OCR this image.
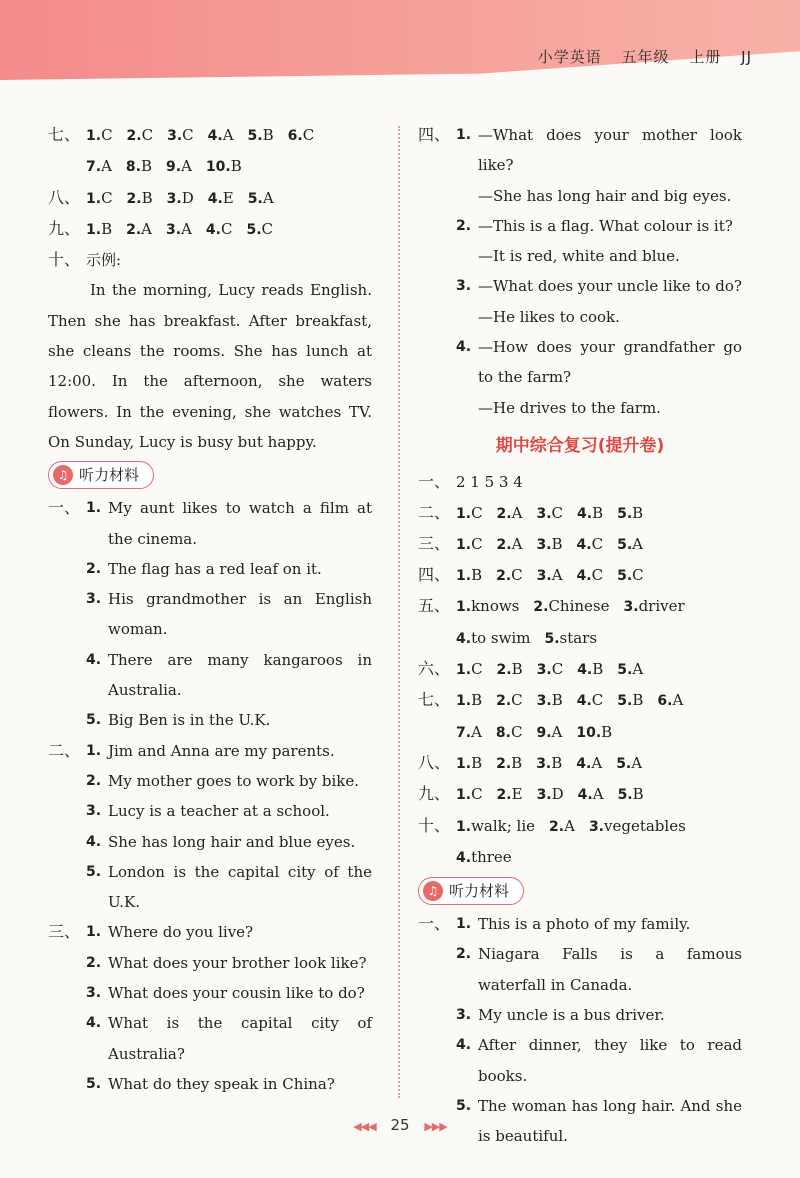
小学英语 五年级 上册 JJ
七、 1.C 2.C 3.C 4.A 5.B 6.C
7.A 8.B 9.A 10.B
八、 1.C 2.B 3.D 4.E 5.A
九、 1.B 2.A 3.A 4.C 5.C
十、 示例:
In the morning, Lucy reads English. Then she has breakfast. After breakfast, she cleans the rooms. She has lunch at 12:00. In the afternoon, she waters flowers. In the evening, she watches TV. On Sunday, Lucy is busy but happy.
♫ 听力材料
一、 1. My aunt likes to watch a film at the cinema.
2. The flag has a red leaf on it.
3. His grandmother is an English woman.
4. There are many kangaroos in Australia.
5. Big Ben is in the U.K.
二、 1. Jim and Anna are my parents.
2. My mother goes to work by bike.
3. Lucy is a teacher at a school.
4. She has long hair and blue eyes.
5. London is the capital city of the U.K.
三、 1. Where do you live?
2. What does your brother look like?
3. What does your cousin like to do?
4. What is the capital city of Australia?
5. What do they speak in China?
四、 1. —What does your mother look like?
—She has long hair and big eyes.
2. —This is a flag. What colour is it?
—It is red, white and blue.
3. —What does your uncle like to do?
—He likes to cook.
4. —How does your grandfather go to the farm?
—He drives to the farm.
期中综合复习(提升卷)
一、 2 1 5 3 4
二、 1.C 2.A 3.C 4.B 5.B
三、 1.C 2.A 3.B 4.C 5.A
四、 1.B 2.C 3.A 4.C 5.C
五、 1.knows 2.Chinese 3.driver
4.to swim 5.stars
六、 1.C 2.B 3.C 4.B 5.A
七、 1.B 2.C 3.B 4.C 5.B 6.A
7.A 8.C 9.A 10.B
八、 1.B 2.B 3.B 4.A 5.A
九、 1.C 2.E 3.D 4.A 5.B
十、 1.walk; lie 2.A 3.vegetables
4.three
♫ 听力材料
一、 1. This is a photo of my family.
2. Niagara Falls is a famous waterfall in Canada.
3. My uncle is a bus driver.
4. After dinner, they like to read books.
5. The woman has long hair. And she is beautiful.
◀◀◀ 25 ▶▶▶
